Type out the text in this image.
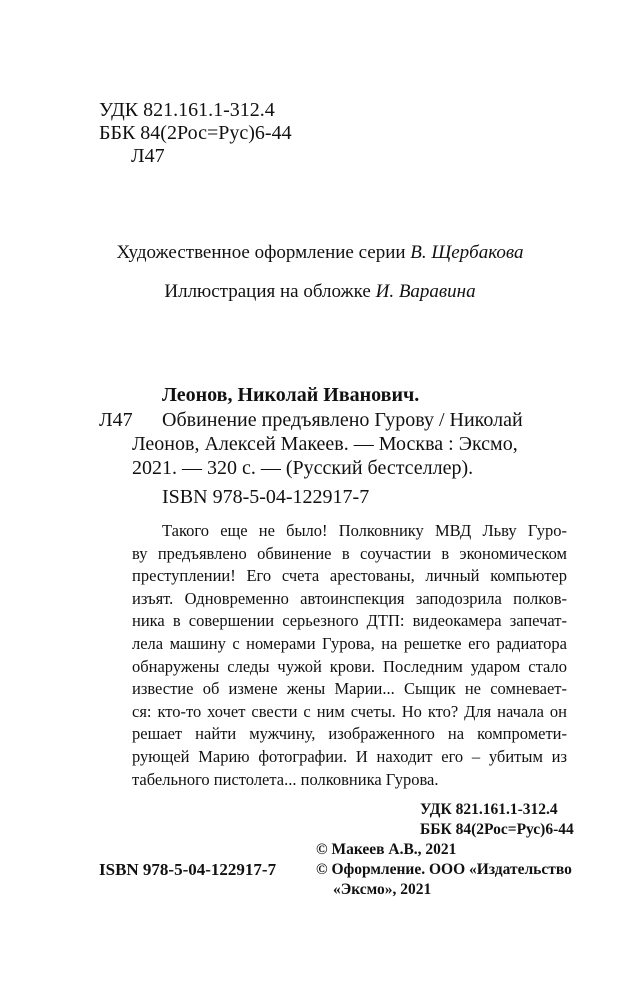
УДК 821.161.1-312.4
ББК 84(2Рос=Рус)6-44
Л47
Художественное оформление серии В. Щербакова
Иллюстрация на обложке И. Варавина
Леонов, Николай Иванович.
Л47 Обвинение предъявлено Гурову / Николай
Леонов, Алексей Макеев. — Москва : Эксмо,
2021. — 320 с. — (Русский бестселлер).
ISBN 978-5-04-122917-7
Такого еще не было! Полковнику МВД Льву Гуро-
ву предъявлено обвинение в соучастии в экономическом
преступлении! Его счета арестованы, личный компьютер
изъят. Одновременно автоинспекция заподозрила полков-
ника в совершении серьезного ДТП: видеокамера запечат-
лела машину с номерами Гурова, на решетке его радиатора
обнаружены следы чужой крови. Последним ударом стало
известие об измене жены Марии... Сыщик не сомневает-
ся: кто-то хочет свести с ним счеты. Но кто? Для начала он
решает найти мужчину, изображенного на компромети-
рующей Марию фотографии. И находит его – убитым из
табельного пистолета... полковника Гурова.
УДК 821.161.1-312.4
ББК 84(2Рос=Рус)6-44
ISBN 978-5-04-122917-7
© Макеев А.В., 2021
© Оформление. ООО «Издательство
«Эксмо», 2021
